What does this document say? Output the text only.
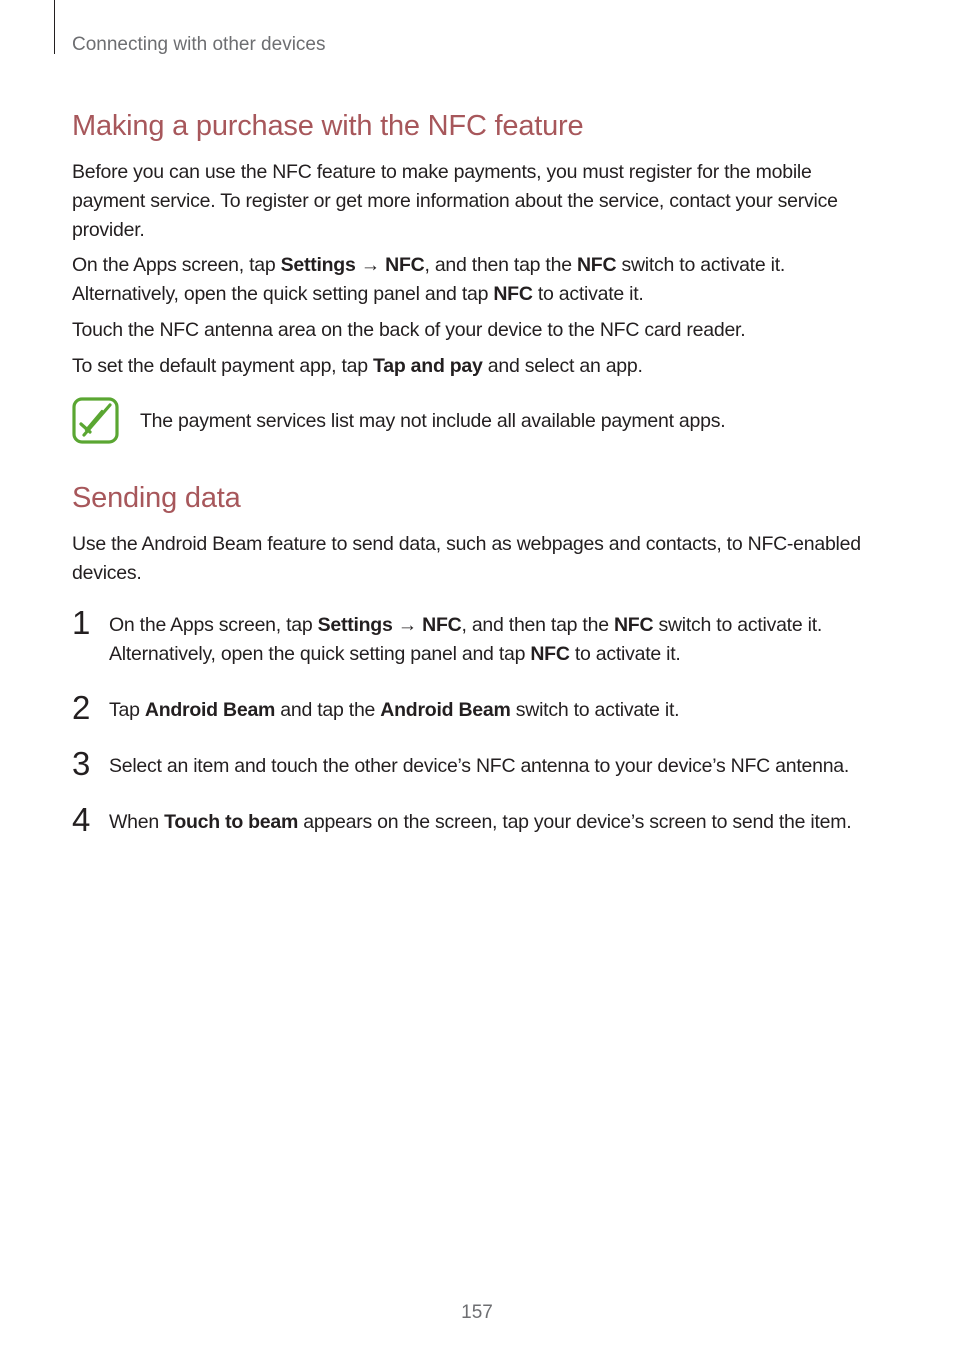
Connecting with other devices
Making a purchase with the NFC feature
Before you can use the NFC feature to make payments, you must register for the mobile
payment service. To register or get more information about the service, contact your service
provider.
On the Apps screen, tap Settings → NFC, and then tap the NFC switch to activate it.
Alternatively, open the quick setting panel and tap NFC to activate it.
Touch the NFC antenna area on the back of your device to the NFC card reader.
To set the default payment app, tap Tap and pay and select an app.
The payment services list may not include all available payment apps.
Sending data
Use the Android Beam feature to send data, such as webpages and contacts, to NFC-enabled
devices.
1 On the Apps screen, tap Settings → NFC, and then tap the NFC switch to activate it.
Alternatively, open the quick setting panel and tap NFC to activate it.
2 Tap Android Beam and tap the Android Beam switch to activate it.
3 Select an item and touch the other device’s NFC antenna to your device’s NFC antenna.
4 When Touch to beam appears on the screen, tap your device’s screen to send the item.
157
